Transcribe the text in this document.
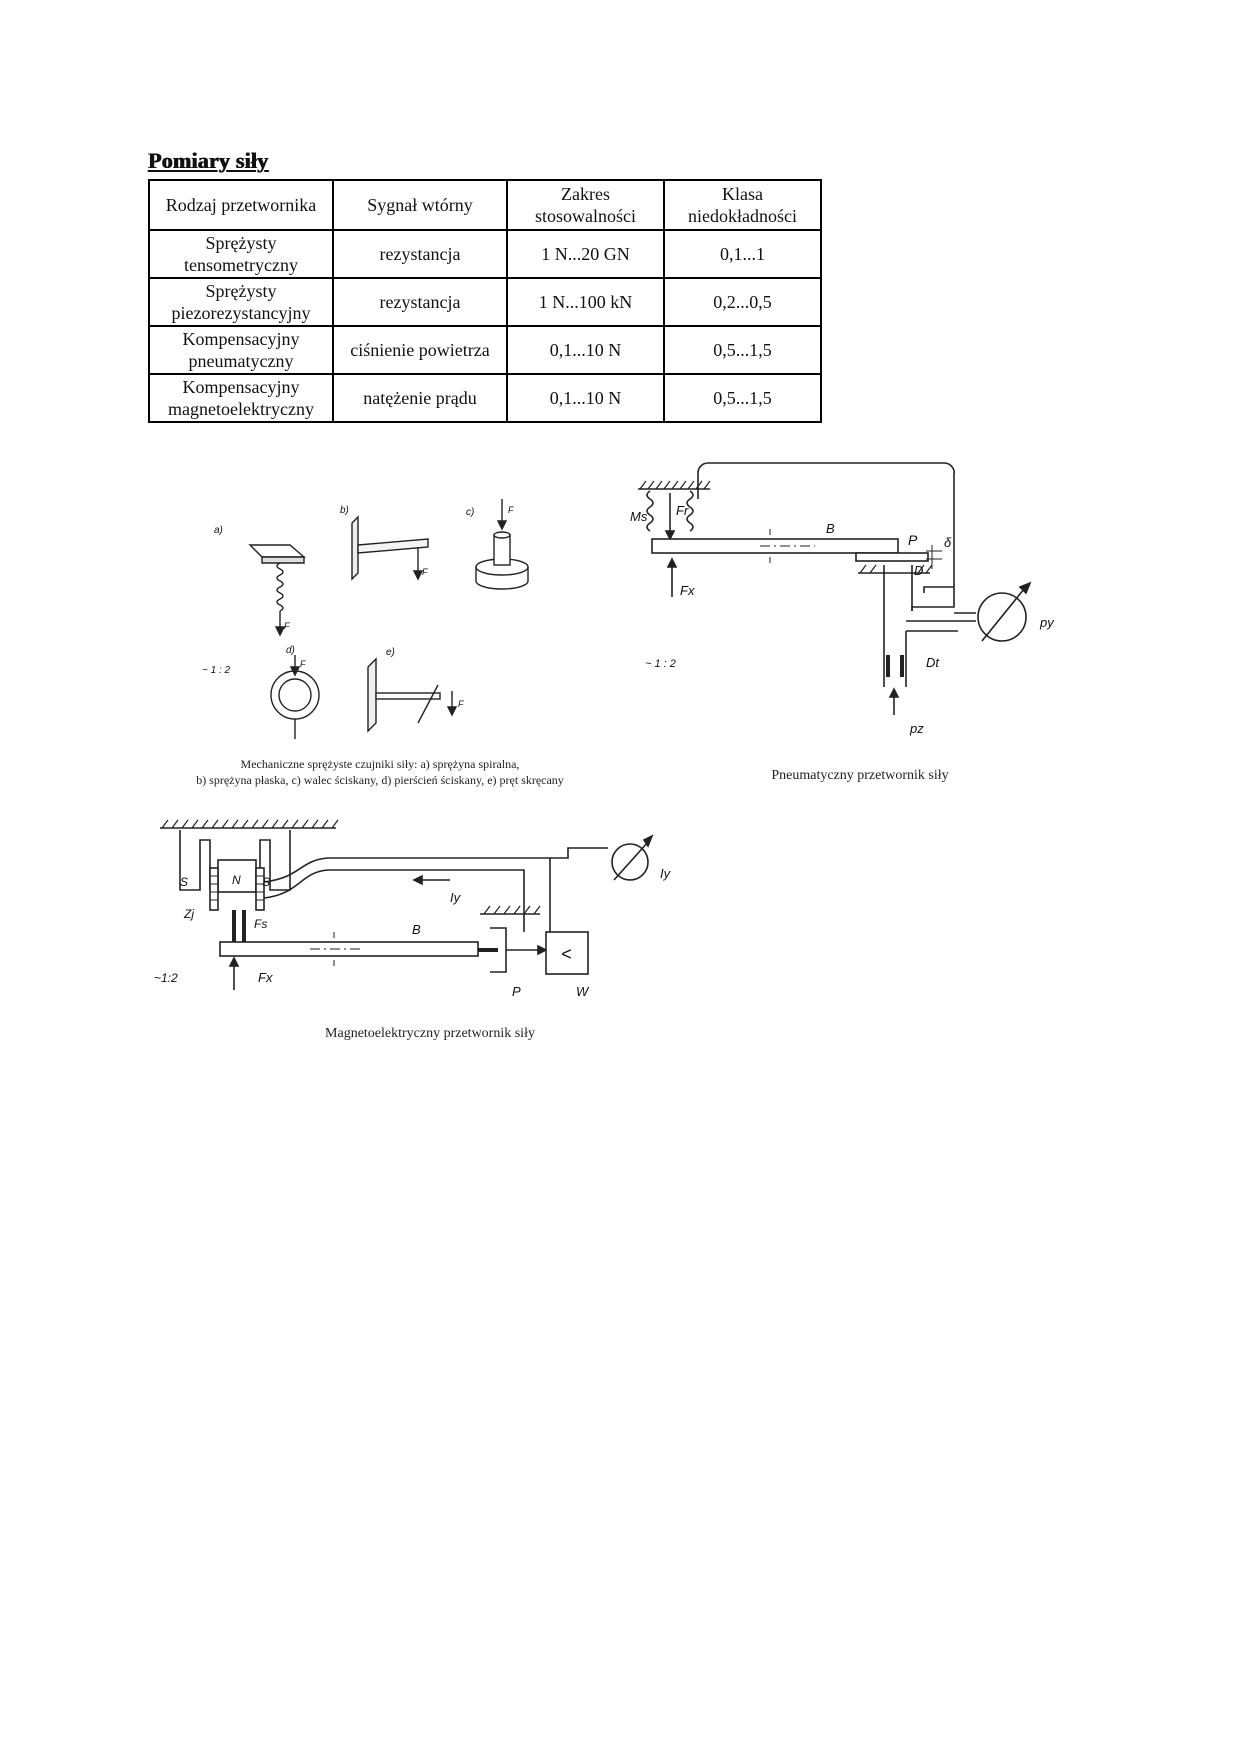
Pomiary siły
Rodzaj przetwornika	Sygnał wtórny	Zakres stosowalności	Klasa niedokładności
Sprężysty tensometryczny	rezystancja	1 N...20 GN	0,1...1
Sprężysty piezorezystancyjny	rezystancja	1 N...100 kN	0,2...0,5
Kompensacyjny pneumatyczny	ciśnienie powietrza	0,1...10 N	0,5...1,5
Kompensacyjny magnetoelektryczny	natężenie prądu	0,1...10 N	0,5...1,5
a)
b)	c)
d)	e)
F
F
F
F
F
~ 1 : 2
Mechaniczne sprężyste czujniki siły: a) sprężyna spiralna,
b) sprężyna płaska, c) walec ściskany, d) pierścień ściskany, e) pręt skręcany
Ms Fr
B
P δ
D
Fx
py
Dt
pz
~ 1 : 2
Pneumatyczny przetwornik siły
S	N S
Zj
Fs
Iy
Iy
B
Fx
P	W
<
~1:2
Magnetoelektryczny przetwornik siły
